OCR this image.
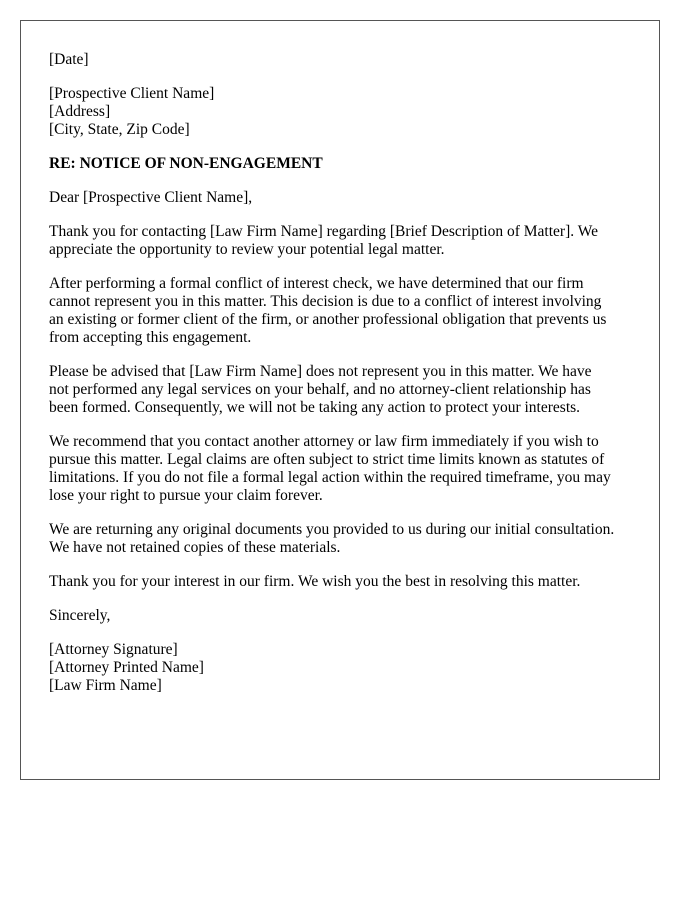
[Date]
[Prospective Client Name]
[Address]
[City, State, Zip Code]
RE: NOTICE OF NON-ENGAGEMENT
Dear [Prospective Client Name],
Thank you for contacting [Law Firm Name] regarding [Brief Description of Matter]. We
appreciate the opportunity to review your potential legal matter.
After performing a formal conflict of interest check, we have determined that our firm
cannot represent you in this matter. This decision is due to a conflict of interest involving
an existing or former client of the firm, or another professional obligation that prevents us
from accepting this engagement.
Please be advised that [Law Firm Name] does not represent you in this matter. We have
not performed any legal services on your behalf, and no attorney-client relationship has
been formed. Consequently, we will not be taking any action to protect your interests.
We recommend that you contact another attorney or law firm immediately if you wish to
pursue this matter. Legal claims are often subject to strict time limits known as statutes of
limitations. If you do not file a formal legal action within the required timeframe, you may
lose your right to pursue your claim forever.
We are returning any original documents you provided to us during our initial consultation.
We have not retained copies of these materials.
Thank you for your interest in our firm. We wish you the best in resolving this matter.
Sincerely,
[Attorney Signature]
[Attorney Printed Name]
[Law Firm Name]
